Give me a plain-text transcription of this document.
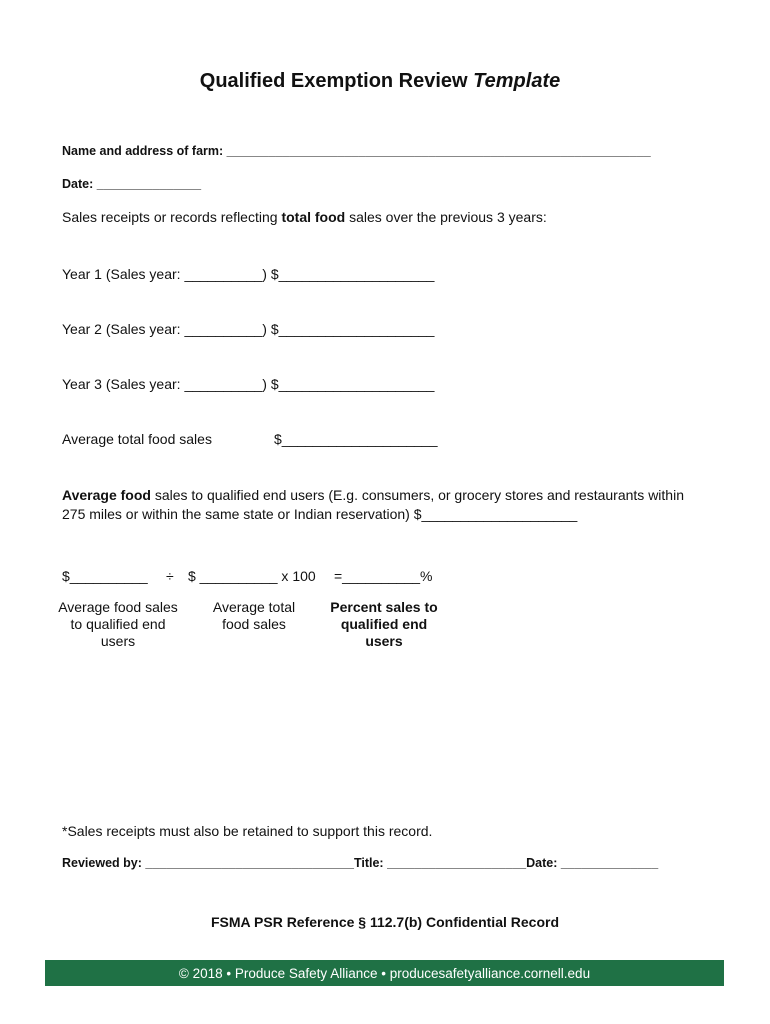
Qualified Exemption Review Template
Name and address of farm: _____________________________________________________________
Date: _______________
Sales receipts or records reflecting total food sales over the previous 3 years:
Year 1 (Sales year: __________) $____________________
Year 2 (Sales year: __________) $____________________
Year 3 (Sales year: __________) $____________________
Average total food sales	$____________________
Average food sales to qualified end users (E.g. consumers, or grocery stores and restaurants within
275 miles or within the same state or Indian reservation) $____________________
$__________ ÷ $ __________ x 100 =__________%
Average food sales to qualified end users
Average total food sales
Percent sales to qualified end users
*Sales receipts must also be retained to support this record.
Reviewed by: ______________________________Title: ____________________Date: ______________
FSMA PSR Reference § 112.7(b) Confidential Record
© 2018 • Produce Safety Alliance • producesafetyalliance.cornell.edu
